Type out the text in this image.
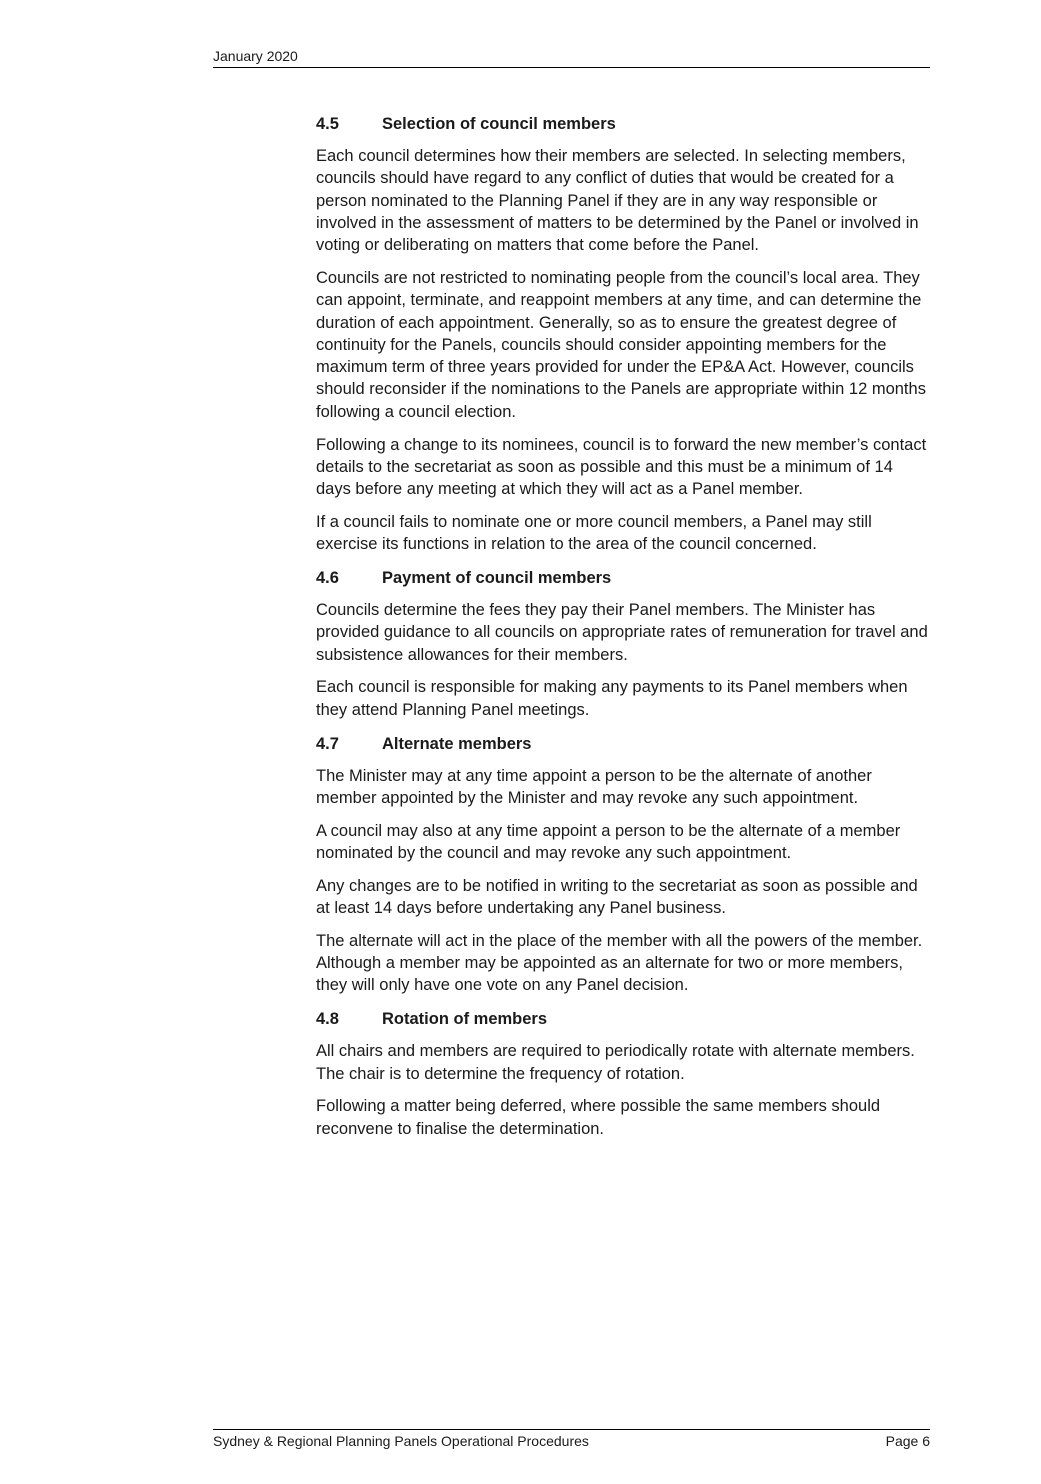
January 2020
4.5	Selection of council members

Each council determines how their members are selected. In selecting members, councils should have regard to any conflict of duties that would be created for a person nominated to the Planning Panel if they are in any way responsible or involved in the assessment of matters to be determined by the Panel or involved in voting or deliberating on matters that come before the Panel.

Councils are not restricted to nominating people from the council’s local area. They can appoint, terminate, and reappoint members at any time, and can determine the duration of each appointment. Generally, so as to ensure the greatest degree of continuity for the Panels, councils should consider appointing members for the maximum term of three years provided for under the EP&A Act. However, councils should reconsider if the nominations to the Panels are appropriate within 12 months following a council election.

Following a change to its nominees, council is to forward the new member’s contact details to the secretariat as soon as possible and this must be a minimum of 14 days before any meeting at which they will act as a Panel member.

If a council fails to nominate one or more council members, a Panel may still exercise its functions in relation to the area of the council concerned.

4.6	Payment of council members

Councils determine the fees they pay their Panel members. The Minister has provided guidance to all councils on appropriate rates of remuneration for travel and subsistence allowances for their members.

Each council is responsible for making any payments to its Panel members when they attend Planning Panel meetings.

4.7	Alternate members

The Minister may at any time appoint a person to be the alternate of another member appointed by the Minister and may revoke any such appointment.

A council may also at any time appoint a person to be the alternate of a member nominated by the council and may revoke any such appointment.

Any changes are to be notified in writing to the secretariat as soon as possible and at least 14 days before undertaking any Panel business.

The alternate will act in the place of the member with all the powers of the member. Although a member may be appointed as an alternate for two or more members, they will only have one vote on any Panel decision.

4.8	Rotation of members

All chairs and members are required to periodically rotate with alternate members. The chair is to determine the frequency of rotation.

Following a matter being deferred, where possible the same members should reconvene to finalise the determination.

Sydney & Regional Planning Panels Operational Procedures	Page 6
